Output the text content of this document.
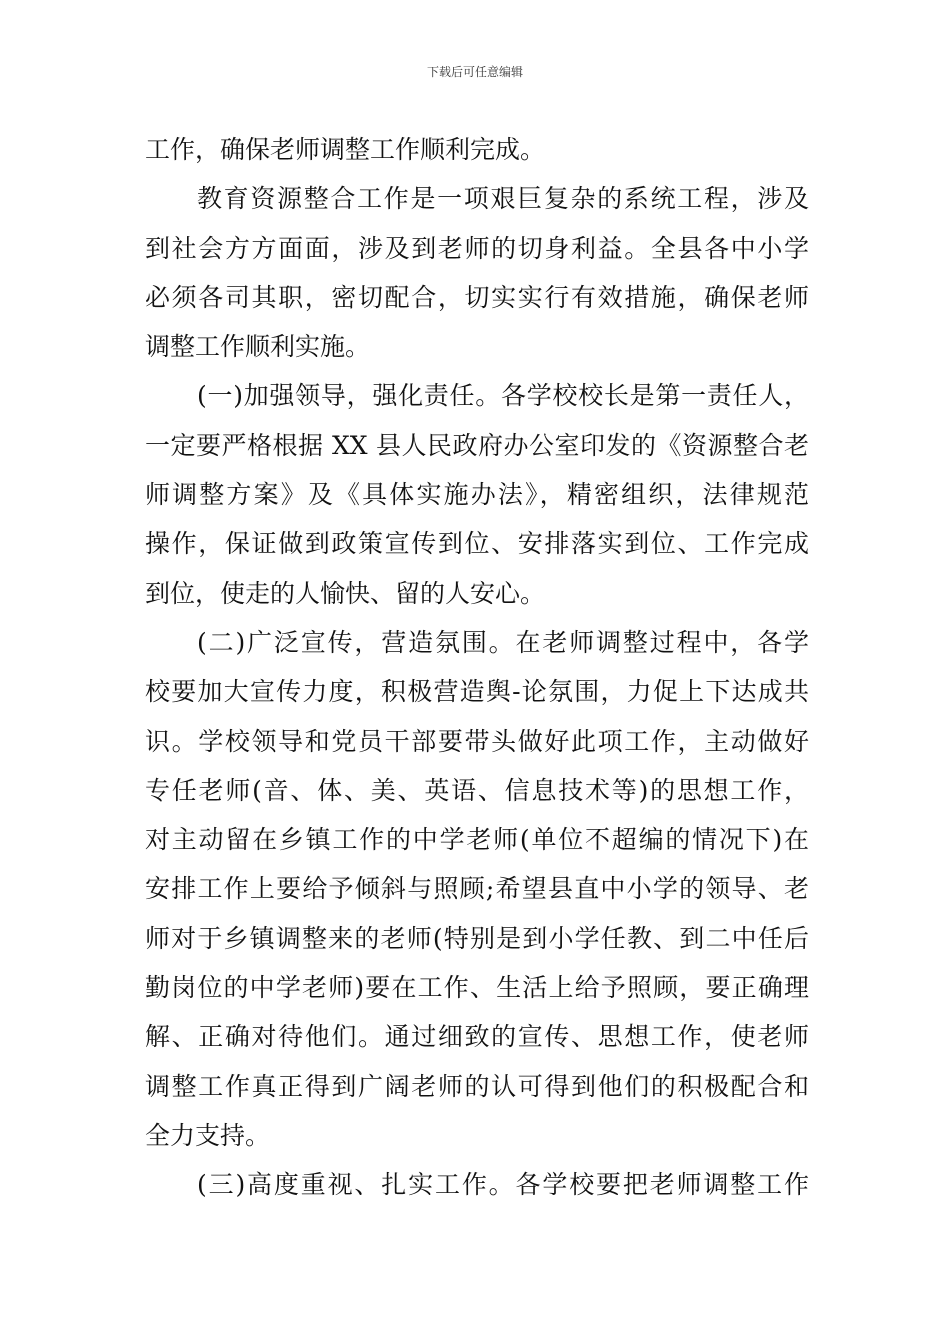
下载后可任意编辑
工作，确保老师调整工作顺利完成。
教育资源整合工作是一项艰巨复杂的系统工程，涉及
到社会方方面面，涉及到老师的切身利益。全县各中小学
必须各司其职，密切配合，切实实行有效措施，确保老师
调整工作顺利实施。
(一)加强领导，强化责任。各学校校长是第一责任人，
一定要严格根据 XX 县人民政府办公室印发的《资源整合老
师调整方案》及《具体实施办法》，精密组织，法律规范
操作，保证做到政策宣传到位、安排落实到位、工作完成
到位，使走的人愉快、留的人安心。
(二)广泛宣传，营造氛围。在老师调整过程中，各学
校要加大宣传力度，积极营造舆-论氛围，力促上下达成共
识。学校领导和党员干部要带头做好此项工作，主动做好
专任老师(音、体、美、英语、信息技术等)的思想工作，
对主动留在乡镇工作的中学老师(单位不超编的情况下)在
安排工作上要给予倾斜与照顾;希望县直中小学的领导、老
师对于乡镇调整来的老师(特别是到小学任教、到二中任后
勤岗位的中学老师)要在工作、生活上给予照顾，要正确理
解、正确对待他们。通过细致的宣传、思想工作，使老师
调整工作真正得到广阔老师的认可得到他们的积极配合和
全力支持。
(三)高度重视、扎实工作。各学校要把老师调整工作
